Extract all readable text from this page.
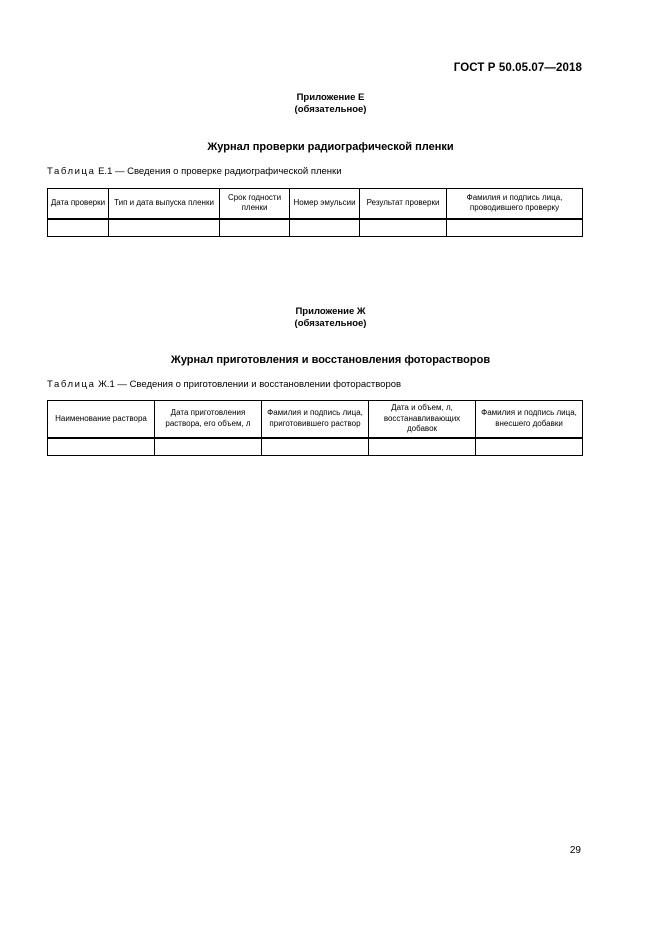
ГОСТ Р 50.05.07—2018
Приложение Е
(обязательное)
Журнал проверки радиографической пленки
Таблица Е.1 — Сведения о проверке радиографической пленки
Дата проверки	Тип и дата выпуска пленки	Срок годности пленки	Номер эмульсии	Результат проверки	Фамилия и подпись лица, проводившего проверку

Приложение Ж
(обязательное)
Журнал приготовления и восстановления фоторастворов
Таблица Ж.1 — Сведения о приготовлении и восстановлении фоторастворов
Наименование раствора	Дата приготовления раствора, его объем, л	Фамилия и подпись лица, приготовившего раствор	Дата и объем, л, восстанавливающих добавок	Фамилия и подпись лица, внесшего добавки

29
